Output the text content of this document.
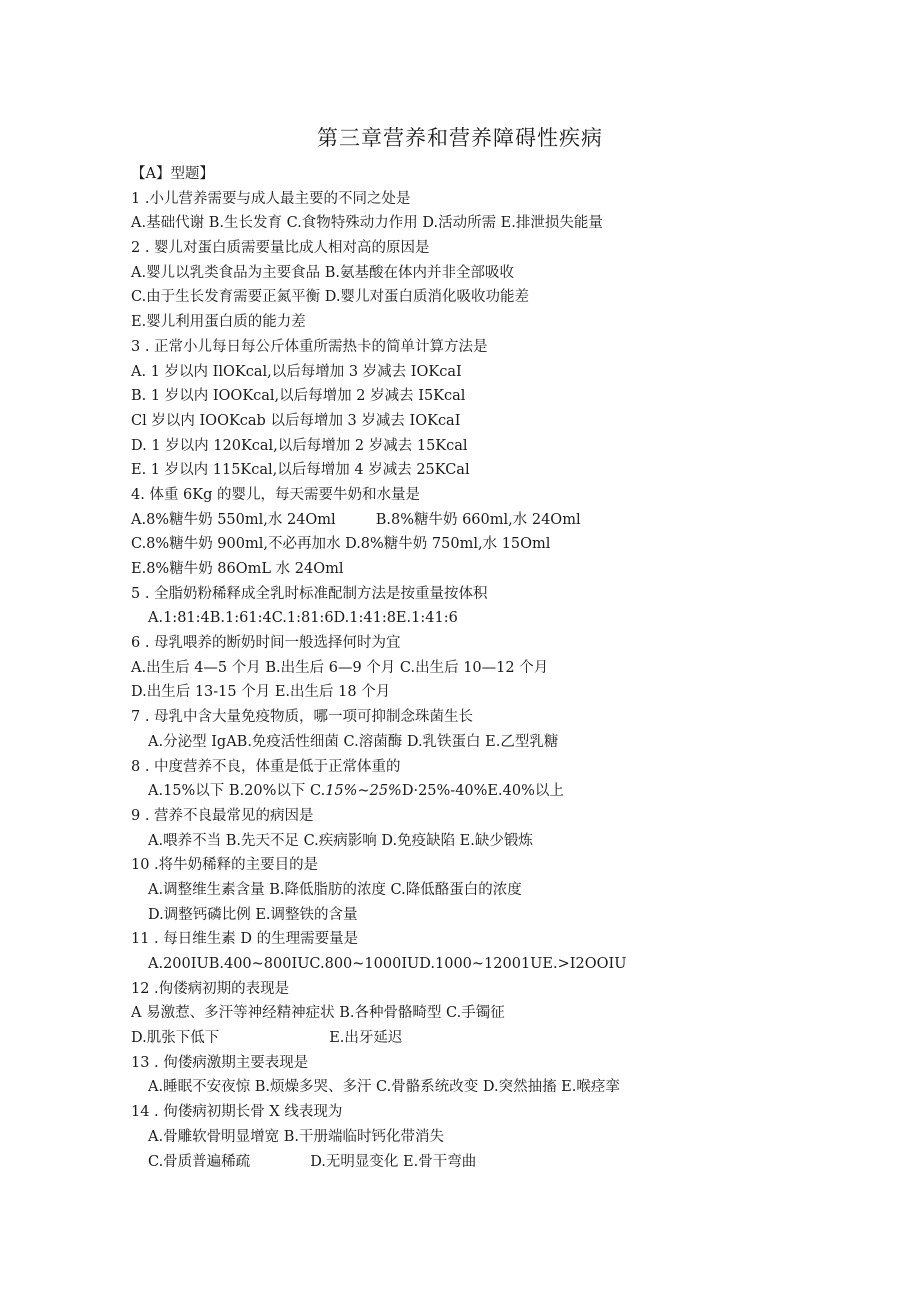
第三章营养和营养障碍性疾病
【A】型题】
1 .小儿营养需要与成人最主要的不同之处是
A.基础代谢 B.生长发育 C.食物特殊动力作用 D.活动所需 E.排泄损失能量
2 . 婴儿对蛋白质需要量比成人相对高的原因是
A.婴儿以乳类食品为主要食品 B.氨基酸在体内并非全部吸收
C.由于生长发育需要正氮平衡 D.婴儿对蛋白质消化吸收功能差
E.婴儿利用蛋白质的能力差
3 . 正常小儿每日每公斤体重所需热卡的简单计算方法是
A. 1 岁以内 IlOKcal,以后每增加 3 岁减去 IOKcaI
B. 1 岁以内 IOOKcal,以后每增加 2 岁减去 I5Kcal
Cl 岁以内 IOOKcab 以后每增加 3 岁减去 IOKcaI
D. 1 岁以内 120Kcal,以后每增加 2 岁减去 15Kcal
E. 1 岁以内 115Kcal,以后每增加 4 岁减去 25KCal
4. 体重 6Kg 的婴儿，每天需要牛奶和水量是
A.8%糖牛奶 550ml,水 24Oml	B.8%糖牛奶 660ml,水 24Oml
C.8%糖牛奶 900ml,不必再加水 D.8%糖牛奶 750ml,水 15Oml
E.8%糖牛奶 86OmL 水 24Oml
5 . 全脂奶粉稀释成全乳时标准配制方法是按重量按体积
A.1:81:4B.1:61:4C.1:81:6D.1:41:8E.1:41:6
6 . 母乳喂养的断奶时间一般选择何时为宜
A.出生后 4—5 个月 B.出生后 6—9 个月 C.出生后 10—12 个月
D.出生后 13-15 个月 E.出生后 18 个月
7 . 母乳中含大量免疫物质，哪一项可抑制念珠菌生长
A.分泌型 IgAB.免疫活性细菌 C.溶菌酶 D.乳铁蛋白 E.乙型乳糖
8 . 中度营养不良，体重是低于正常体重的
A.15%以下 B.20%以下 C.15%~25%D·25%-40%E.40%以上
9 . 营养不良最常见的病因是
A.喂养不当 B.先天不足 C.疾病影响 D.免疫缺陷 E.缺少锻炼
10 .将牛奶稀释的主要目的是
A.调整维生素含量 B.降低脂肪的浓度 C.降低酪蛋白的浓度
D.调整钙磷比例 E.调整铁的含量
11 . 每日维生素 D 的生理需要量是
A.200IUB.400~800IUC.800~1000IUD.1000~12001UE.>I2OOIU
12 .佝偻病初期的表现是
A 易激惹、多汗等神经精神症状 B.各种骨骼畸型 C.手镯征
D.肌张下低下	E.出牙延迟
13 . 佝偻病激期主要表现是
A.睡眠不安夜惊 B.烦燥多哭、多汗 C.骨骼系统改变 D.突然抽搐 E.喉痉挛
14 . 佝偻病初期长骨 X 线表现为
A.骨雕软骨明显增宽 B.干册端临时钙化带消失
C.骨质普遍稀疏	D.无明显变化 E.骨干弯曲
